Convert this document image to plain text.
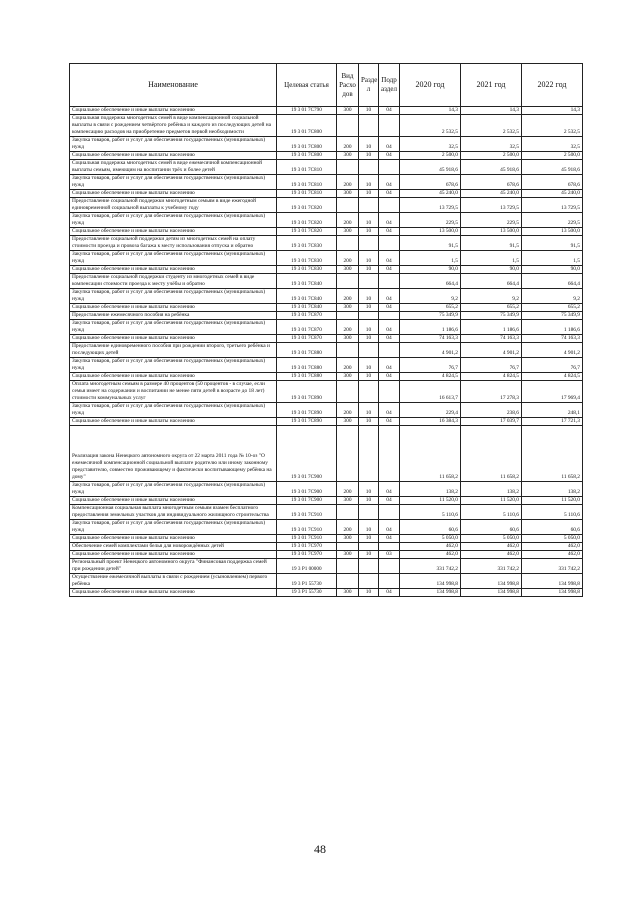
Наименование	Целевая статья	Вид Расхо дов	Разде л	Подр аздел	2020 год	2021 год	2022 год
Социальное обеспечение и иные выплаты населению	19 3 01 7С790	300	10	04	14,3	14,3	14,3
Социальная поддержка многодетных семей в виде компенсационной социальной выплаты в связи с рождением четвёртого ребёнка и каждого из последующих детей на компенсацию расходов на приобретение предметов первой необходимости	19 3 01 7С800				2 532,5	2 532,5	2 532,5
Закупка товаров, работ и услуг для обеспечения государственных (муниципальных) нужд	19 3 01 7С800	200	10	04	32,5	32,5	32,5
Социальное обеспечение и иные выплаты населению	19 3 01 7С800	300	10	04	2 500,0	2 500,0	2 500,0
Социальная поддержка многодетных семей в виде ежемесячной компенсационной выплаты семьям, имеющим на воспитании трёх и более детей	19 3 01 7С810				45 918,6	45 918,6	45 918,6
Закупка товаров, работ и услуг для обеспечения государственных (муниципальных) нужд	19 3 01 7С810	200	10	04	678,6	678,6	678,6
Социальное обеспечение и иные выплаты населению	19 3 01 7С810	300	10	04	45 240,0	45 240,0	45 240,0
Предоставление социальной поддержки многодетным семьям в виде ежегодной единовременной социальной выплаты к учебному году	19 3 01 7С820				13 729,5	13 729,5	13 729,5
Закупка товаров, работ и услуг для обеспечения государственных (муниципальных) нужд	19 3 01 7С820	200	10	04	229,5	229,5	229,5
Социальное обеспечение и иные выплаты населению	19 3 01 7С820	300	10	04	13 500,0	13 500,0	13 500,0
Предоставление социальной поддержки детям из многодетных семей на оплату стоимости проезда и провоза багажа к месту использования отпуска и обратно	19 3 01 7С830				91,5	91,5	91,5
Закупка товаров, работ и услуг для обеспечения государственных (муниципальных) нужд	19 3 01 7С830	200	10	04	1,5	1,5	1,5
Социальное обеспечение и иные выплаты населению	19 3 01 7С830	300	10	04	90,0	90,0	90,0
Предоставление социальной поддержки студенту из многодетных семей в виде компенсации стоимости проезда к месту учёбы и обратно	19 3 01 7С840				664,4	664,4	664,4
Закупка товаров, работ и услуг для обеспечения государственных (муниципальных) нужд	19 3 01 7С840	200	10	04	9,2	9,2	9,2
Социальное обеспечение и иные выплаты населению	19 3 01 7С840	300	10	04	655,2	655,2	655,2
Предоставление ежемесячного пособия на ребёнка	19 3 01 7С870				75 349,9	75 349,9	75 349,9
Закупка товаров, работ и услуг для обеспечения государственных (муниципальных) нужд	19 3 01 7С870	200	10	04	1 186,6	1 186,6	1 186,6
Социальное обеспечение и иные выплаты населению	19 3 01 7С870	300	10	04	74 163,3	74 163,3	74 163,3
Предоставление единовременного пособия при рождении второго, третьего ребёнка и последующих детей	19 3 01 7С880				4 901,2	4 901,2	4 901,2
Закупка товаров, работ и услуг для обеспечения государственных (муниципальных) нужд	19 3 01 7С880	200	10	04	76,7	76,7	76,7
Социальное обеспечение и иные выплаты населению	19 3 01 7С880	300	10	04	4 824,5	4 824,5	4 824,5
Оплата многодетным семьям в размере 40 процентов (50 процентов - в случае, если семья имеет на содержании и воспитании не менее пяти детей в возрасте до 18 лет) стоимости коммунальных услуг	19 3 01 7С890				16 613,7	17 278,3	17 969,4
Закупка товаров, работ и услуг для обеспечения государственных (муниципальных) нужд	19 3 01 7С890	200	10	04	229,4	238,6	248,1
Социальное обеспечение и иные выплаты населению	19 3 01 7С890	300	10	04	16 384,3	17 039,7	17 721,3
Реализация закона Ненецкого автономного округа от 22 марта 2011 года № 10-оз "О ежемесячной компенсационной социальной выплате родителю или иному законному представителю, совместно проживающему и фактически воспитывающему ребёнка на дому"	19 3 01 7С900				11 658,2	11 658,2	11 658,2
Закупка товаров, работ и услуг для обеспечения государственных (муниципальных) нужд	19 3 01 7С900	200	10	04	138,2	138,2	138,2
Социальное обеспечение и иные выплаты населению	19 3 01 7С900	300	10	04	11 520,0	11 520,0	11 520,0
Компенсационная социальная выплата многодетным семьям взамен бесплатного предоставления земельных участков для индивидуального жилищного строительства	19 3 01 7С910				5 110,6	5 110,6	5 110,6
Закупка товаров, работ и услуг для обеспечения государственных (муниципальных) нужд	19 3 01 7С910	200	10	04	60,6	60,6	60,6
Социальное обеспечение и иные выплаты населению	19 3 01 7С910	300	10	04	5 050,0	5 050,0	5 050,0
Обеспечение семей комплектами белья для новорождённых детей	19 3 01 7С970				462,0	462,0	462,0
Социальное обеспечение и иные выплаты населению	19 3 01 7С970	300	10	03	462,0	462,0	462,0
Региональный проект Ненецкого автономного округа "Финансовая поддержка семей при рождении детей"	19 3 P1 00000				331 742,2	331 742,2	331 742,2
Осуществление ежемесячной выплаты в связи с рождением (усыновлением) первого ребёнка	19 3 P1 55730				134 998,8	134 998,8	134 998,8
Социальное обеспечение и иные выплаты населению	19 3 P1 55730	300	10	04	134 998,8	134 998,8	134 998,8
48
